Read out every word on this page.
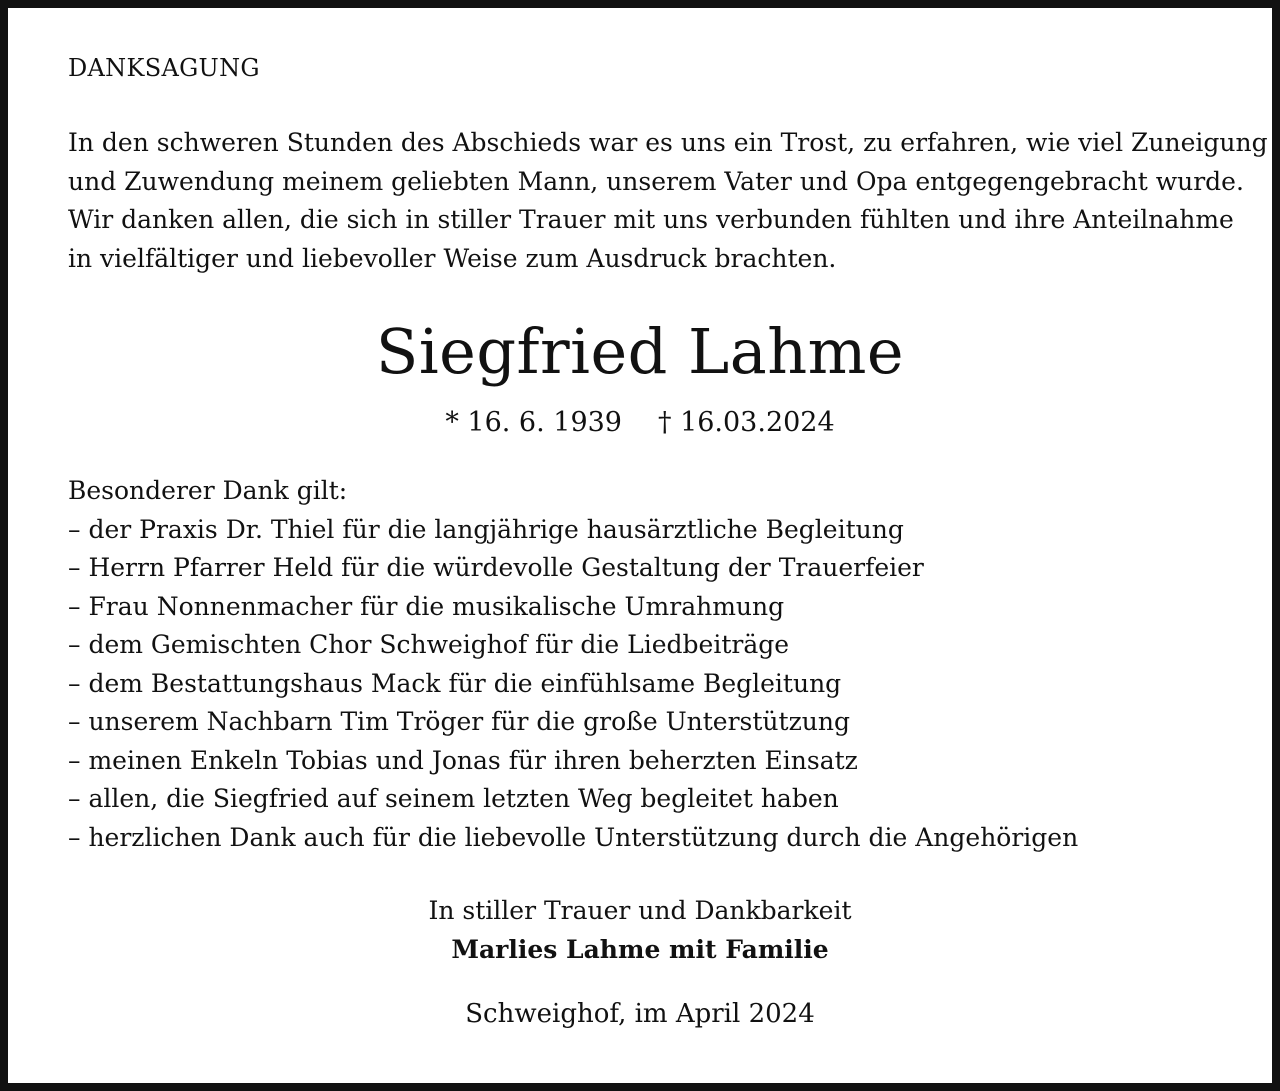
DANKSAGUNG
In den schweren Stunden des Abschieds war es uns ein Trost, zu erfahren, wie viel Zuneigung
und Zuwendung meinem geliebten Mann, unserem Vater und Opa entgegengebracht wurde.
Wir danken allen, die sich in stiller Trauer mit uns verbunden fühlten und ihre Anteilnahme
in vielfältiger und liebevoller Weise zum Ausdruck brachten.
Siegfried Lahme
* 16. 6. 1939 † 16.03.2024
Besonderer Dank gilt:
– der Praxis Dr. Thiel für die langjährige hausärztliche Begleitung
– Herrn Pfarrer Held für die würdevolle Gestaltung der Trauerfeier
– Frau Nonnenmacher für die musikalische Umrahmung
– dem Gemischten Chor Schweighof für die Liedbeiträge
– dem Bestattungshaus Mack für die einfühlsame Begleitung
– unserem Nachbarn Tim Tröger für die große Unterstützung
– meinen Enkeln Tobias und Jonas für ihren beherzten Einsatz
– allen, die Siegfried auf seinem letzten Weg begleitet haben
– herzlichen Dank auch für die liebevolle Unterstützung durch die Angehörigen
In stiller Trauer und Dankbarkeit
Marlies Lahme mit Familie
Schweighof, im April 2024
